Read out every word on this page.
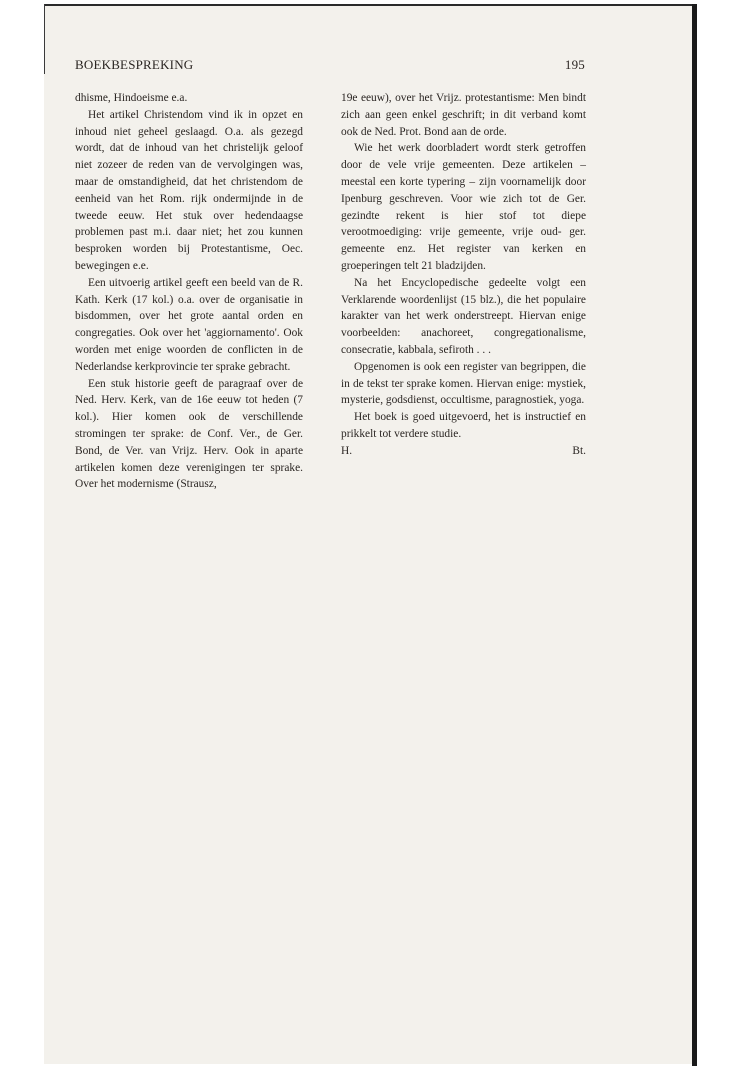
BOEKBESPREKING	195

dhisme, Hindoeisme e.a.

Het artikel Christendom vind ik in opzet en inhoud niet geheel geslaagd. O.a. als gezegd wordt, dat de inhoud van het christelijk geloof niet zozeer de reden van de vervolgingen was, maar de omstandigheid, dat het christendom de eenheid van het Rom. rijk ondermijnde in de tweede eeuw. Het stuk over hedendaagse problemen past m.i. daar niet; het zou kunnen besproken worden bij Protestantisme, Oec. bewegingen e.e.

Een uitvoerig artikel geeft een beeld van de R. Kath. Kerk (17 kol.) o.a. over de organisatie in bisdommen, over het grote aantal orden en congregaties. Ook over het 'aggiornamento'. Ook worden met enige woorden de conflicten in de Nederlandse kerkprovincie ter sprake gebracht.

Een stuk historie geeft de paragraaf over de Ned. Herv. Kerk, van de 16e eeuw tot heden (7 kol.). Hier komen ook de verschillende stromingen ter sprake: de Conf. Ver., de Ger. Bond, de Ver. van Vrijz. Herv. Ook in aparte artikelen komen deze verenigingen ter sprake. Over het modernisme (Strausz,

19e eeuw), over het Vrijz. protestantisme: Men bindt zich aan geen enkel geschrift; in dit verband komt ook de Ned. Prot. Bond aan de orde.

Wie het werk doorbladert wordt sterk getroffen door de vele vrije gemeenten. Deze artikelen – meestal een korte typering – zijn voornamelijk door Ipenburg geschreven. Voor wie zich tot de Ger. gezindte rekent is hier stof tot diepe verootmoediging: vrije gemeente, vrije oud- ger. gemeente enz. Het register van kerken en groeperingen telt 21 bladzijden.

Na het Encyclopedische gedeelte volgt een Verklarende woordenlijst (15 blz.), die het populaire karakter van het werk onderstreept. Hiervan enige voorbeelden: anachoreet, congregationalisme, consecratie, kabbala, sefiroth . . .

Opgenomen is ook een register van begrippen, die in de tekst ter sprake komen. Hiervan enige: mystiek, mysterie, godsdienst, occultisme, paragnostiek, yoga.

Het boek is goed uitgevoerd, het is instructief en prikkelt tot verdere studie.

H.	Bt.
